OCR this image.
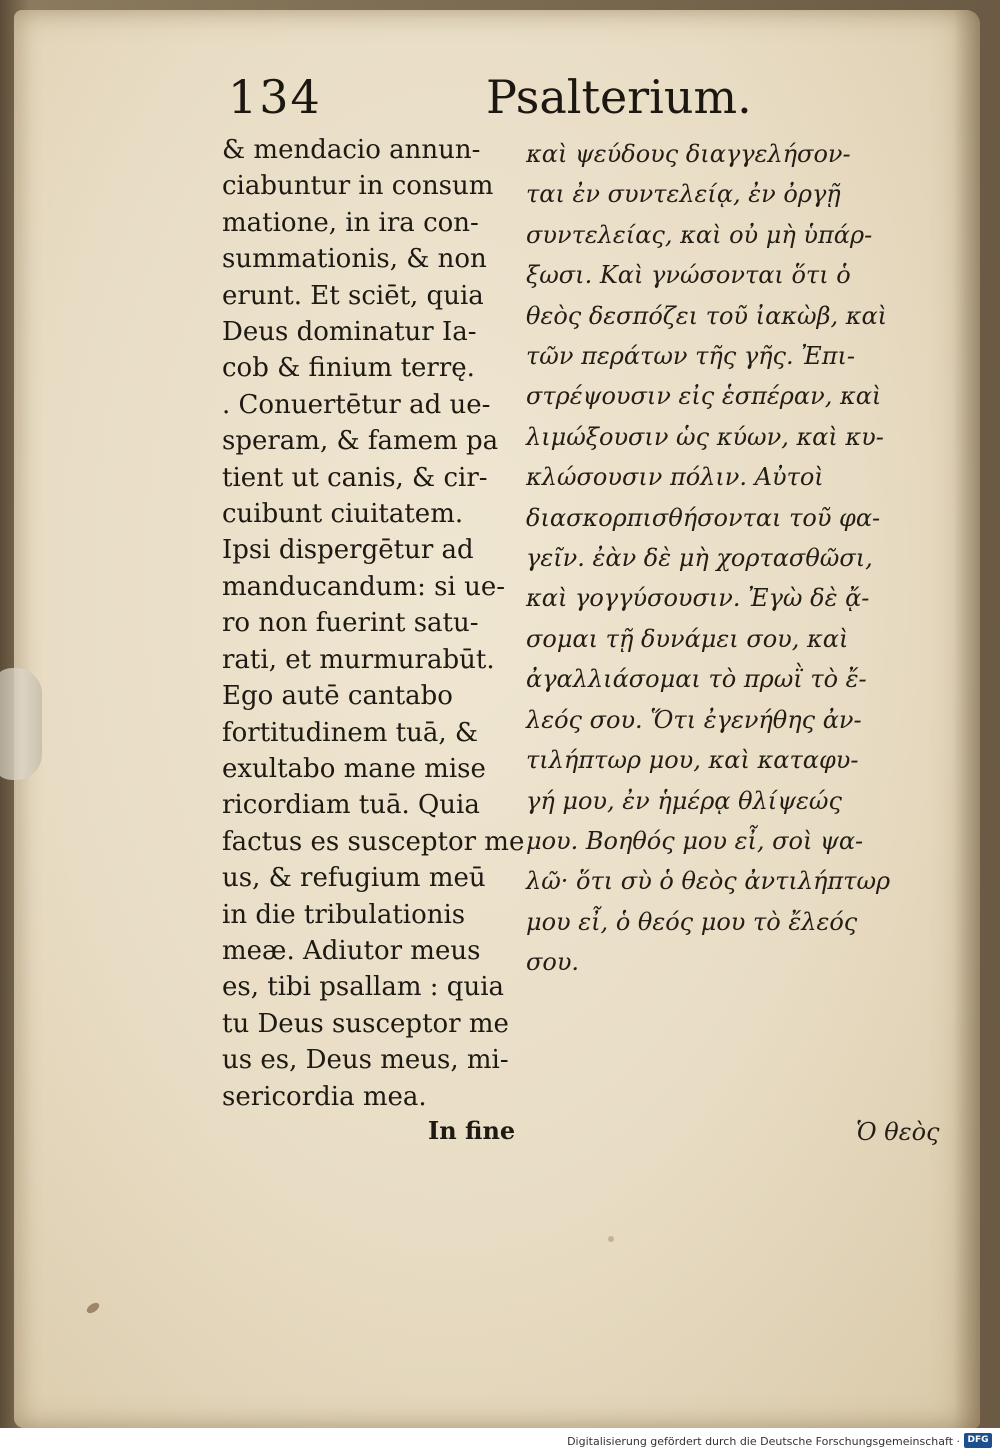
134	Psalterium.
& mendacio annun-
ciabuntur in consum
matione, in ira con-
summationis, & non
erunt. Et sciēt, quia
Deus dominatur Ia-
cob & finium terrę.
. Conuertētur ad ue-
speram, & famem pa
tient ut canis, & cir-
cuibunt ciuitatem.
Ipsi dispergētur ad
manducandum: si ue-
ro non fuerint satu-
rati, et murmurabūt.
Ego autē cantabo
fortitudinem tuā, &
exultabo mane mise
ricordiam tuā. Quia
factus es susceptor me
us, & refugium meū
in die tribulationis
meæ. Adiutor meus
es, tibi psallam : quia
tu Deus susceptor me
us es, Deus meus, mi-
sericordia mea.
καὶ ψεύδους διαγγελήσον-
ται ἐν συντελείᾳ, ἐν ὀργῇ
συντελείας, καὶ οὐ μὴ ὑπάρ-
ξωσι. Καὶ γνώσονται ὅτι ὁ
θεὸς δεσπόζει τοῦ ἰακὼβ, καὶ
τῶν περάτων τῆς γῆς. Ἐπι-
στρέψουσιν εἰς ἑσπέραν, καὶ
λιμώξουσιν ὡς κύων, καὶ κυ-
κλώσουσιν πόλιν. Αὐτοὶ
διασκορπισθήσονται τοῦ φα-
γεῖν. ἐὰν δὲ μὴ χορτασθῶσι,
καὶ γογγύσουσιν. Ἐγὼ δὲ ᾄ-
σομαι τῇ δυνάμει σου, καὶ
ἀγαλλιάσομαι τὸ πρωῒ τὸ ἔ-
λεός σου. Ὅτι ἐγενήθης ἀν-
τιλήπτωρ μου, καὶ καταφυ-
γή μου, ἐν ἡμέρᾳ θλίψεώς
μου. Βοηθός μου εἶ, σοὶ ψα-
λῶ· ὅτι σὺ ὁ θεὸς ἀντιλήπτωρ
μου εἶ, ὁ θεός μου τὸ ἔλεός
σου.
In fine	Ὁ θεὸς
Digitalisierung gefördert durch die Deutsche Forschungsgemeinschaft · DFG
